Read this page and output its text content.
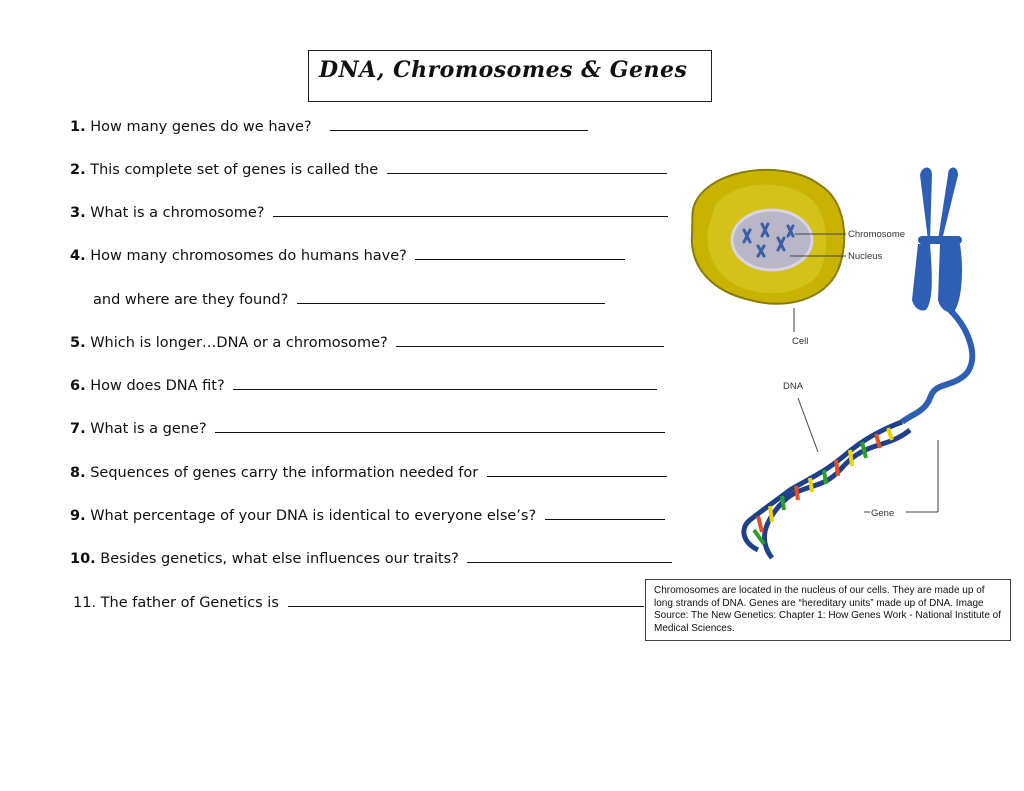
DNA, Chromosomes & Genes
1. How many genes do we have?
2. This complete set of genes is called the
3. What is a chromosome?
4. How many chromosomes do humans have?
and where are they found?
5. Which is longer…DNA or a chromosome?
6. How does DNA fit?
7. What is a gene?
8. Sequences of genes carry the information needed for
9. What percentage of your DNA is identical to everyone else’s?
10. Besides genetics, what else influences our traits?
11. The father of Genetics is
Chromosome
Nucleus
Cell
DNA
Gene
Chromosomes are located in the nucleus of our cells. They are made up of long strands of DNA. Genes are “hereditary units” made up of DNA. Image Source: The New Genetics: Chapter 1: How Genes Work - National Institute of Medical Sciences.
